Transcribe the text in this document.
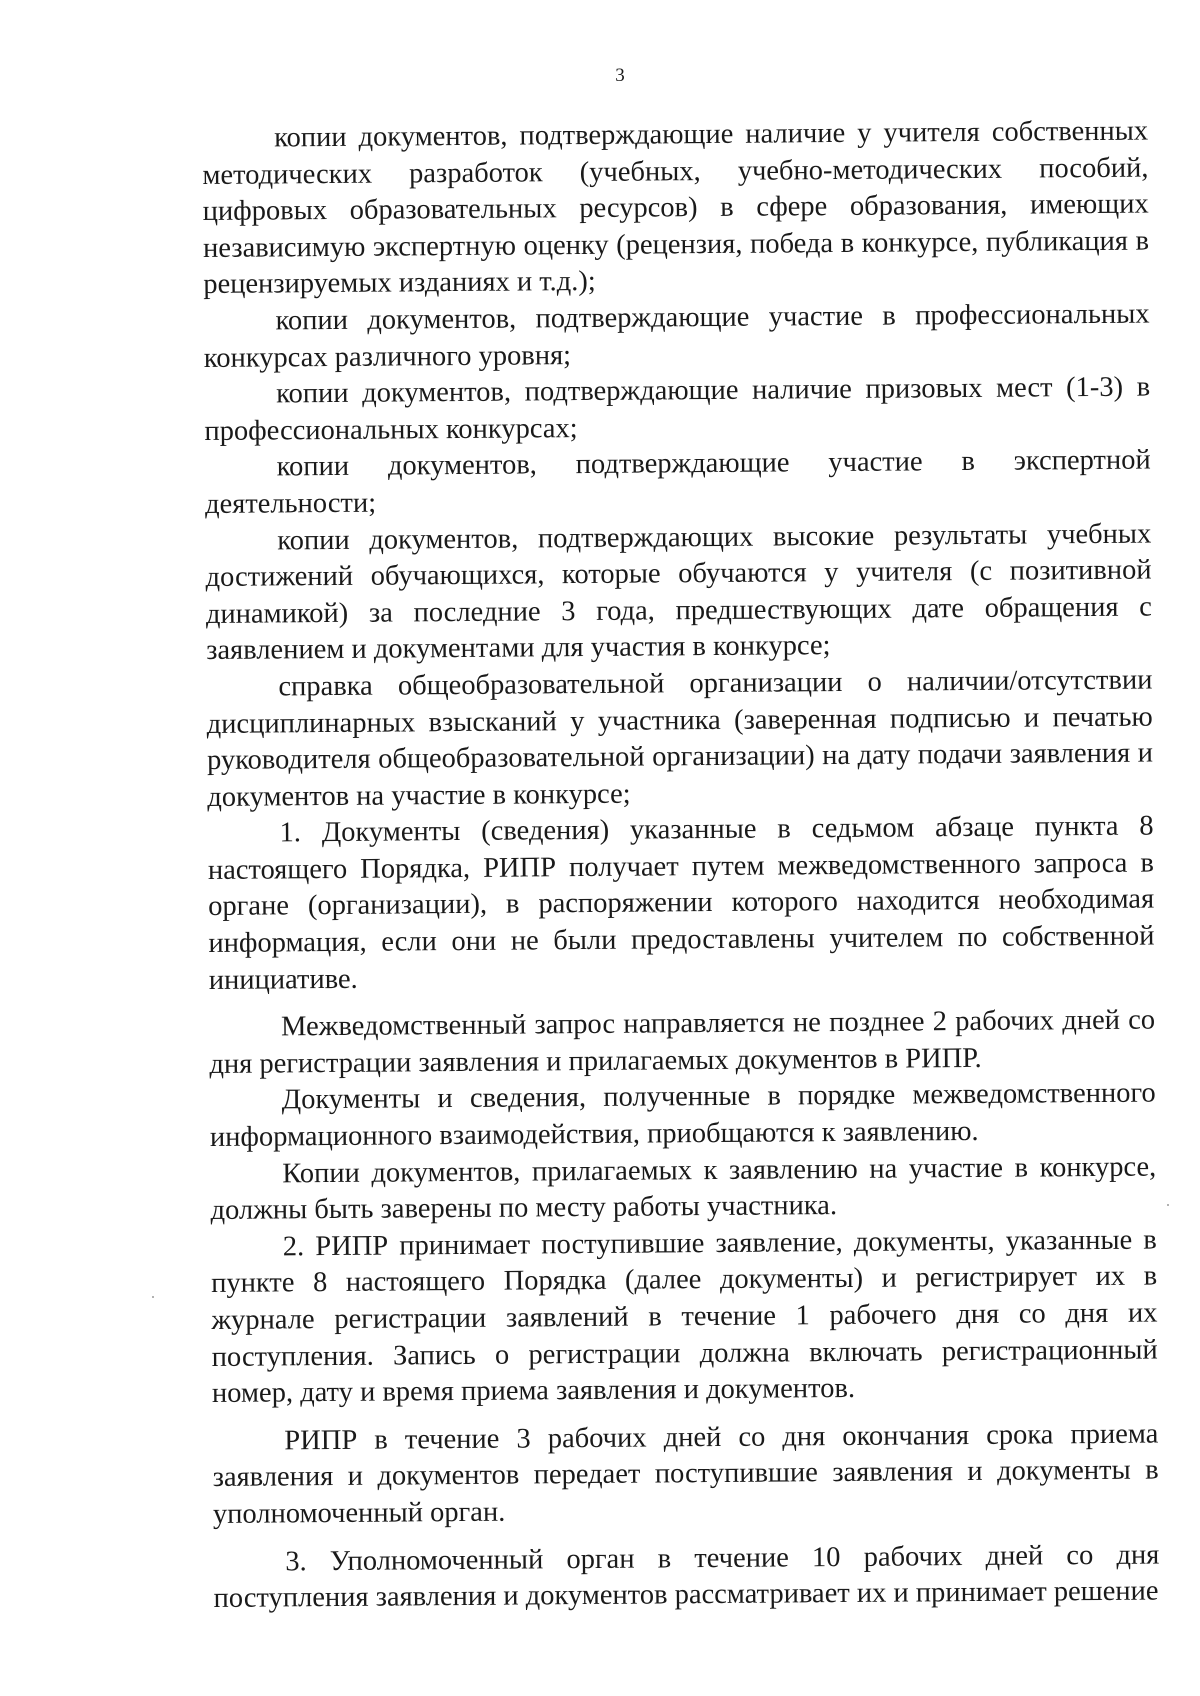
3

копии документов, подтверждающие наличие у учителя собственных методических разработок (учебных, учебно-методических пособий, цифровых образовательных ресурсов) в сфере образования, имеющих независимую экспертную оценку (рецензия, победа в конкурсе, публикация в рецензируемых изданиях и т.д.);

копии документов, подтверждающие участие в профессиональных конкурсах различного уровня;

копии документов, подтверждающие наличие призовых мест (1-3) в профессиональных конкурсах;

копии документов, подтверждающие участие в экспертной деятельности;

копии документов, подтверждающих высокие результаты учебных достижений обучающихся, которые обучаются у учителя (с позитивной динамикой) за последние 3 года, предшествующих дате обращения с заявлением и документами для участия в конкурсе;

справка общеобразовательной организации о наличии/отсутствии дисциплинарных взысканий у участника (заверенная подписью и печатью руководителя общеобразовательной организации) на дату подачи заявления и документов на участие в конкурсе;

1. Документы (сведения) указанные в седьмом абзаце пункта 8 настоящего Порядка, РИПР получает путем межведомственного запроса в органе (организации), в распоряжении которого находится необходимая информация, если они не были предоставлены учителем по собственной инициативе.

Межведомственный запрос направляется не позднее 2 рабочих дней со дня регистрации заявления и прилагаемых документов в РИПР.

Документы и сведения, полученные в порядке межведомственного информационного взаимодействия, приобщаются к заявлению.

Копии документов, прилагаемых к заявлению на участие в конкурсе, должны быть заверены по месту работы участника.

2. РИПР принимает поступившие заявление, документы, указанные в пункте 8 настоящего Порядка (далее документы) и регистрирует их в журнале регистрации заявлений в течение 1 рабочего дня со дня их поступления. Запись о регистрации должна включать регистрационный номер, дату и время приема заявления и документов.

РИПР в течение 3 рабочих дней со дня окончания срока приема заявления и документов передает поступившие заявления и документы в уполномоченный орган.

3. Уполномоченный орган в течение 10 рабочих дней со дня поступления заявления и документов рассматривает их и принимает решение
